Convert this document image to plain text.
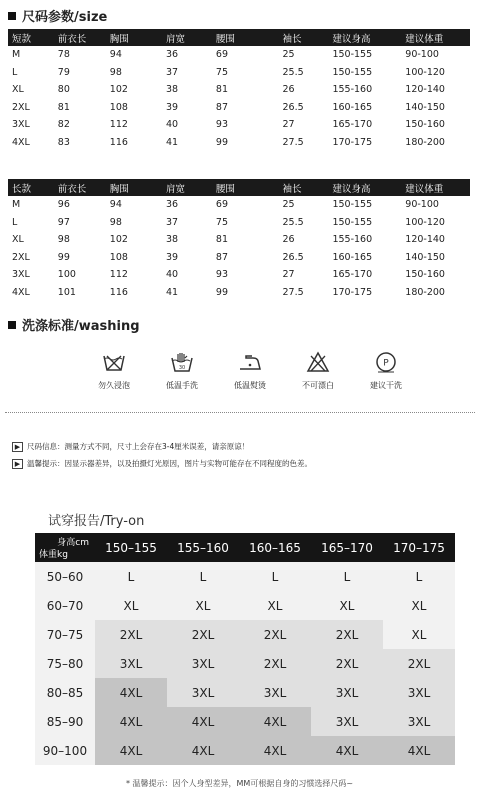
尺码参数/size
短款	前衣长	胸围	肩宽	腰围	袖长	建议身高	建议体重
M	78	94	36	69	25	150-155	90-100
L	79	98	37	75	25.5	150-155	100-120
XL	80	102	38	81	26	155-160	120-140
2XL	81	108	39	87	26.5	160-165	140-150
3XL	82	112	40	93	27	165-170	150-160
4XL	83	116	41	99	27.5	170-175	180-200
长款	前衣长	胸围	肩宽	腰围	袖长	建议身高	建议体重
M	96	94	36	69	25	150-155	90-100
L	97	98	37	75	25.5	150-155	100-120
XL	98	102	38	81	26	155-160	120-140
2XL	99	108	39	87	26.5	160-165	140-150
3XL	100	112	40	93	27	165-170	150-160
4XL	101	116	41	99	27.5	170-175	180-200
洗涤标准/washing
勿久浸泡
30
低温手洗	低温熨烫	不可漂白
P
建议干洗
▶ 尺码信息：测量方式不同，尺寸上会存在3-4厘米误差，请亲原谅！
▶ 温馨提示：因显示器差异，以及拍摄灯光原因，图片与实物可能存在不同程度的色差。
试穿报告/Try-on
身高cm
体重kg
150–155	155–160	160–165	165–170	170–175
50–60	L	L	L	L	L
60–70	XL	XL	XL	XL	XL
70–75	2XL	2XL	2XL	2XL	XL
75–80	3XL	3XL	2XL	2XL	2XL
80–85	4XL	3XL	3XL	3XL	3XL
85–90	4XL	4XL	4XL	3XL	3XL
90–100	4XL	4XL	4XL	4XL	4XL
* 温馨提示：因个人身型差异，MM可根据自身的习惯选择尺码~
